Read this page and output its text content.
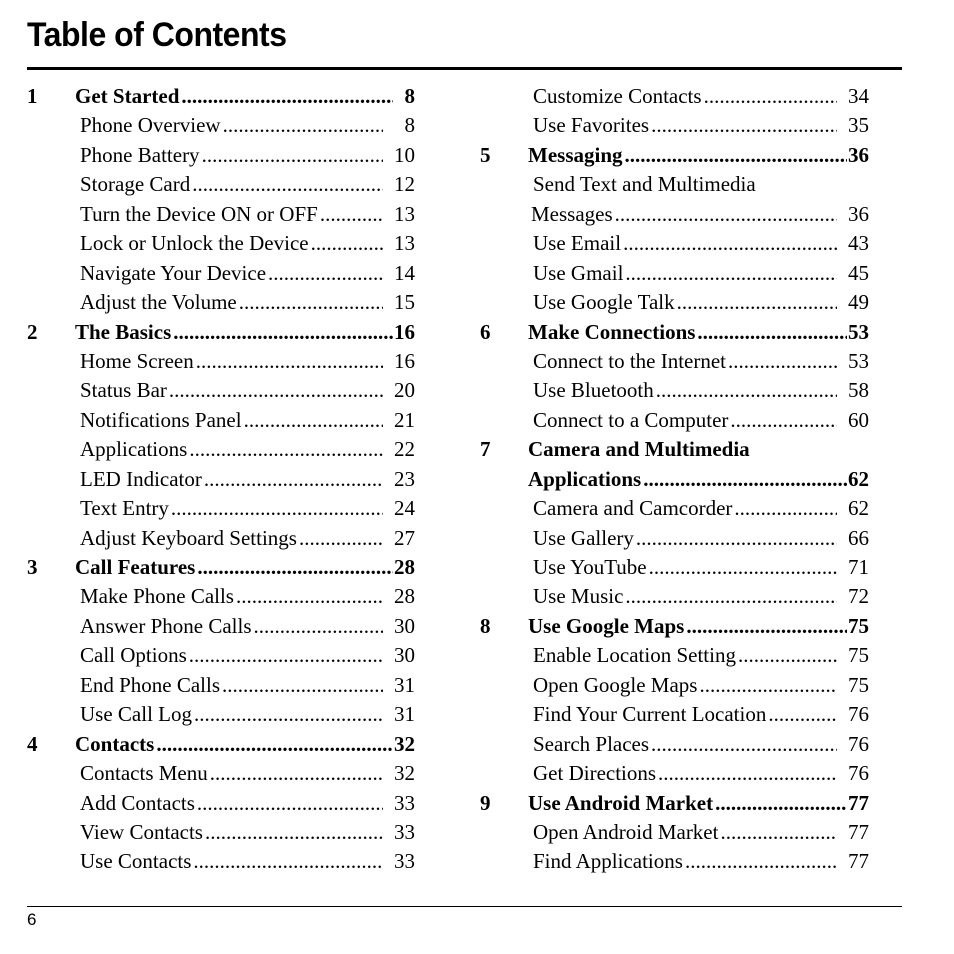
Table of Contents
1 Get Started .....	8
Phone Overview .....	8
Phone Battery .....	10
Storage Card .....	12
Turn the Device ON or OFF .....	13
Lock or Unlock the Device .....	13
Navigate Your Device .....	14
Adjust the Volume .....	15
2 The Basics .....	16
Home Screen .....	16
Status Bar .....	20
Notifications Panel .....	21
Applications .....	22
LED Indicator .....	23
Text Entry .....	24
Adjust Keyboard Settings .....	27
3 Call Features .....	28
Make Phone Calls .....	28
Answer Phone Calls .....	30
Call Options .....	30
End Phone Calls .....	31
Use Call Log .....	31
4 Contacts .....	32
Contacts Menu .....	32
Add Contacts .....	33
View Contacts .....	33
Use Contacts .....	33
Customize Contacts .....	34
Use Favorites .....	35
5 Messaging .....	36
Send Text and Multimedia
Messages .....	36
Use Email .....	43
Use Gmail .....	45
Use Google Talk .....	49
6 Make Connections .....	53
Connect to the Internet .....	53
Use Bluetooth .....	58
Connect to a Computer .....	60
7 Camera and Multimedia
Applications .....	62
Camera and Camcorder .....	62
Use Gallery .....	66
Use YouTube .....	71
Use Music .....	72
8 Use Google Maps .....	75
Enable Location Setting .....	75
Open Google Maps .....	75
Find Your Current Location .....	76
Search Places .....	76
Get Directions .....	76
9 Use Android Market .....	77
Open Android Market .....	77
Find Applications .....	77
6
